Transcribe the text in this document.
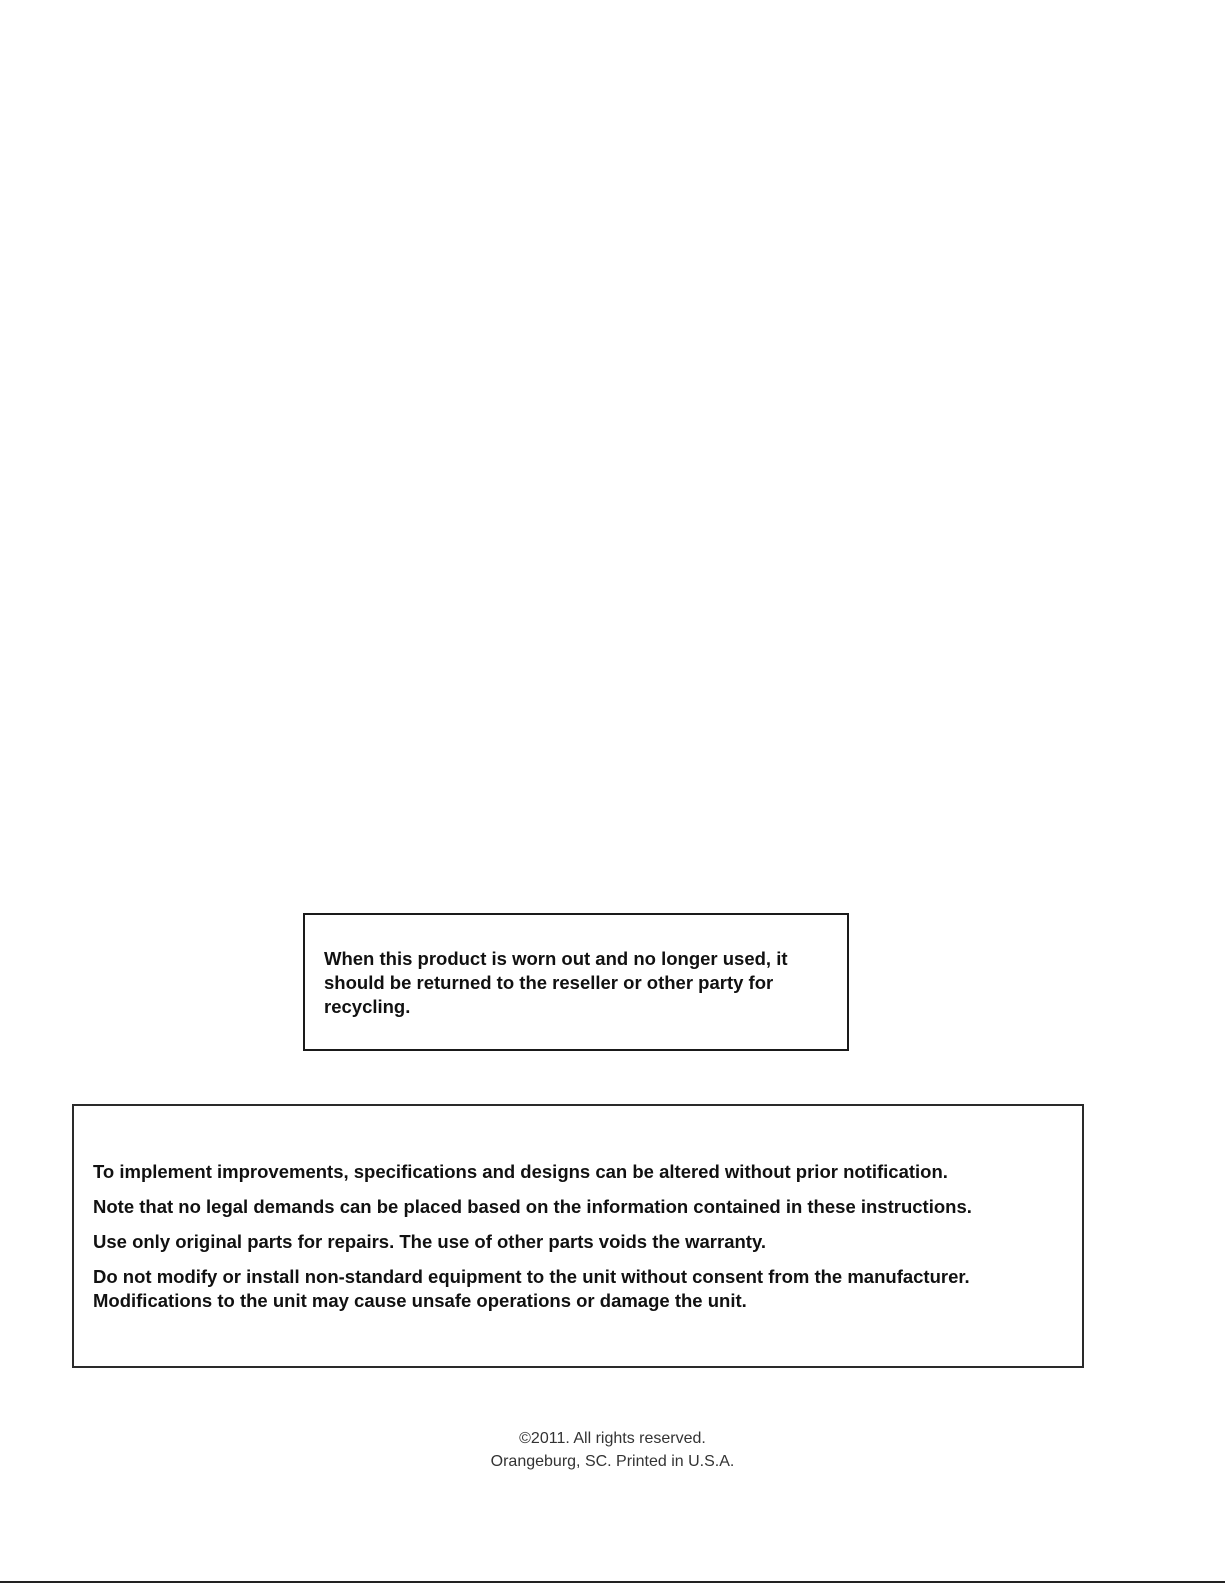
When this product is worn out and no longer used, it
should be returned to the reseller or other party for
recycling.

To implement improvements, specifications and designs can be altered without prior notification.

Note that no legal demands can be placed based on the information contained in these instructions.

Use only original parts for repairs. The use of other parts voids the warranty.

Do not modify or install non-standard equipment to the unit without consent from the manufacturer.

Modifications to the unit may cause unsafe operations or damage the unit.

©2011. All rights reserved.
Orangeburg, SC. Printed in U.S.A.
